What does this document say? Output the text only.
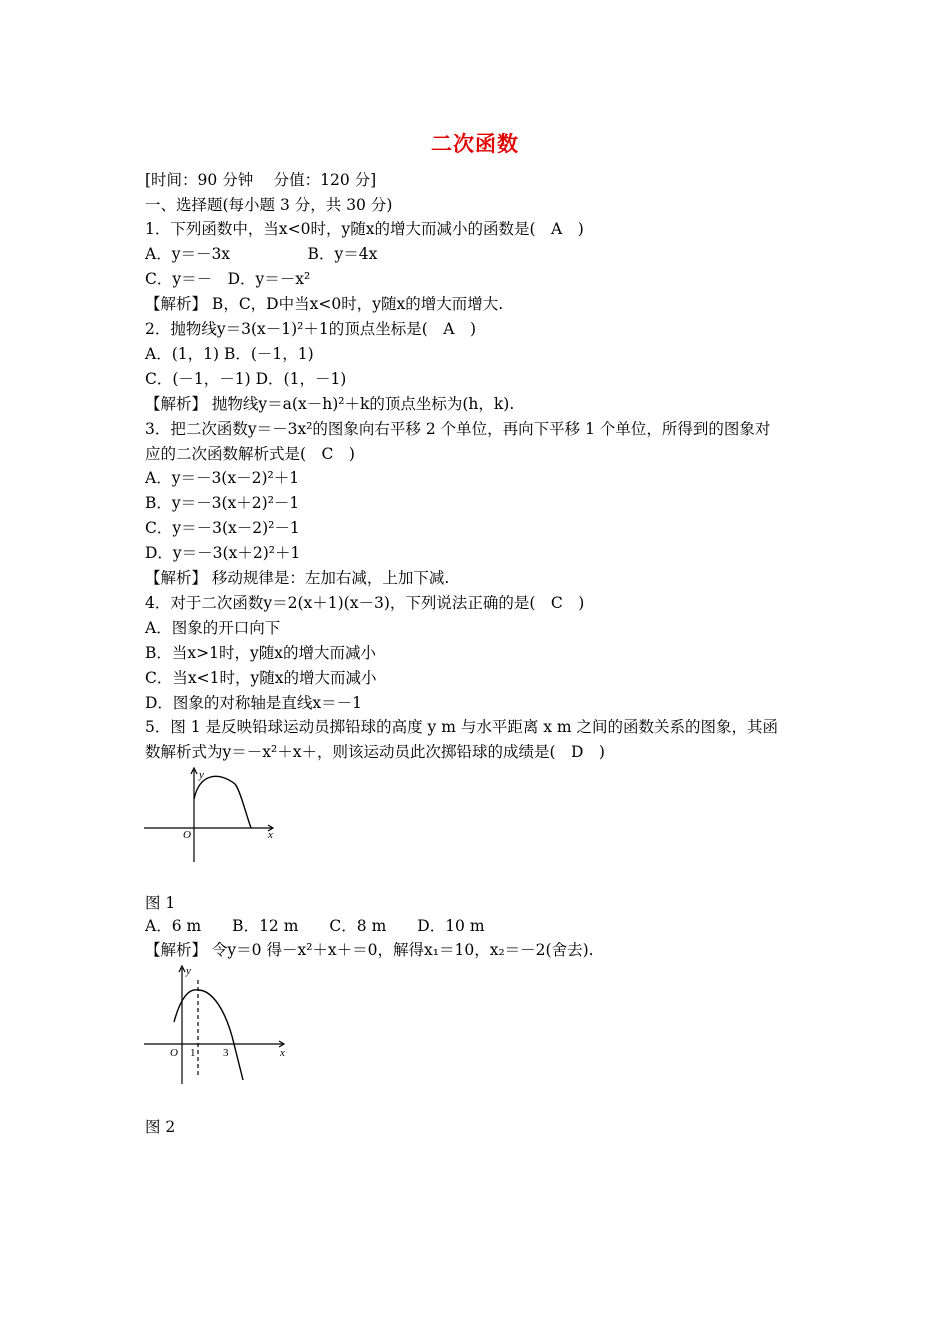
二次函数
[时间：90 分钟　 分值：120 分]
一、选择题(每小题 3 分，共 30 分)
1．下列函数中，当x<0时，y随x的增大而减小的函数是(　A　)
A．y＝－3x　　　　　B．y＝4x
C．y＝－　D．y＝－x²
【解析】 B，C，D中当x<0时，y随x的增大而增大.
2．抛物线y＝3(x－1)²＋1的顶点坐标是(　A　)
A．(1，1) B．(－1，1)
C．(－1，－1) D．(1，－1)
【解析】 抛物线y＝a(x－h)²＋k的顶点坐标为(h，k).
3．把二次函数y＝－3x²的图象向右平移 2 个单位，再向下平移 1 个单位，所得到的图象对
应的二次函数解析式是(　C　)
A．y＝－3(x－2)²＋1
B．y＝－3(x＋2)²－1
C．y＝－3(x－2)²－1
D．y＝－3(x＋2)²＋1
【解析】 移动规律是：左加右减，上加下减.
4．对于二次函数y＝2(x＋1)(x－3)，下列说法正确的是(　C　)
A．图象的开口向下
B．当x>1时，y随x的增大而减小
C．当x<1时，y随x的增大而减小
D．图象的对称轴是直线x＝－1
5．图 1 是反映铅球运动员掷铅球的高度 y m 与水平距离 x m 之间的函数关系的图象，其函
数解析式为y＝－x²＋x＋，则该运动员此次掷铅球的成绩是(　D　)
y
x
O
图 1
A．6 m　　B．12 m　　C．8 m　　D．10 m
【解析】 令y＝0 得－x²＋x＋＝0，解得x₁＝10，x₂＝－2(舍去).
y
x
O 1	3
图 2
